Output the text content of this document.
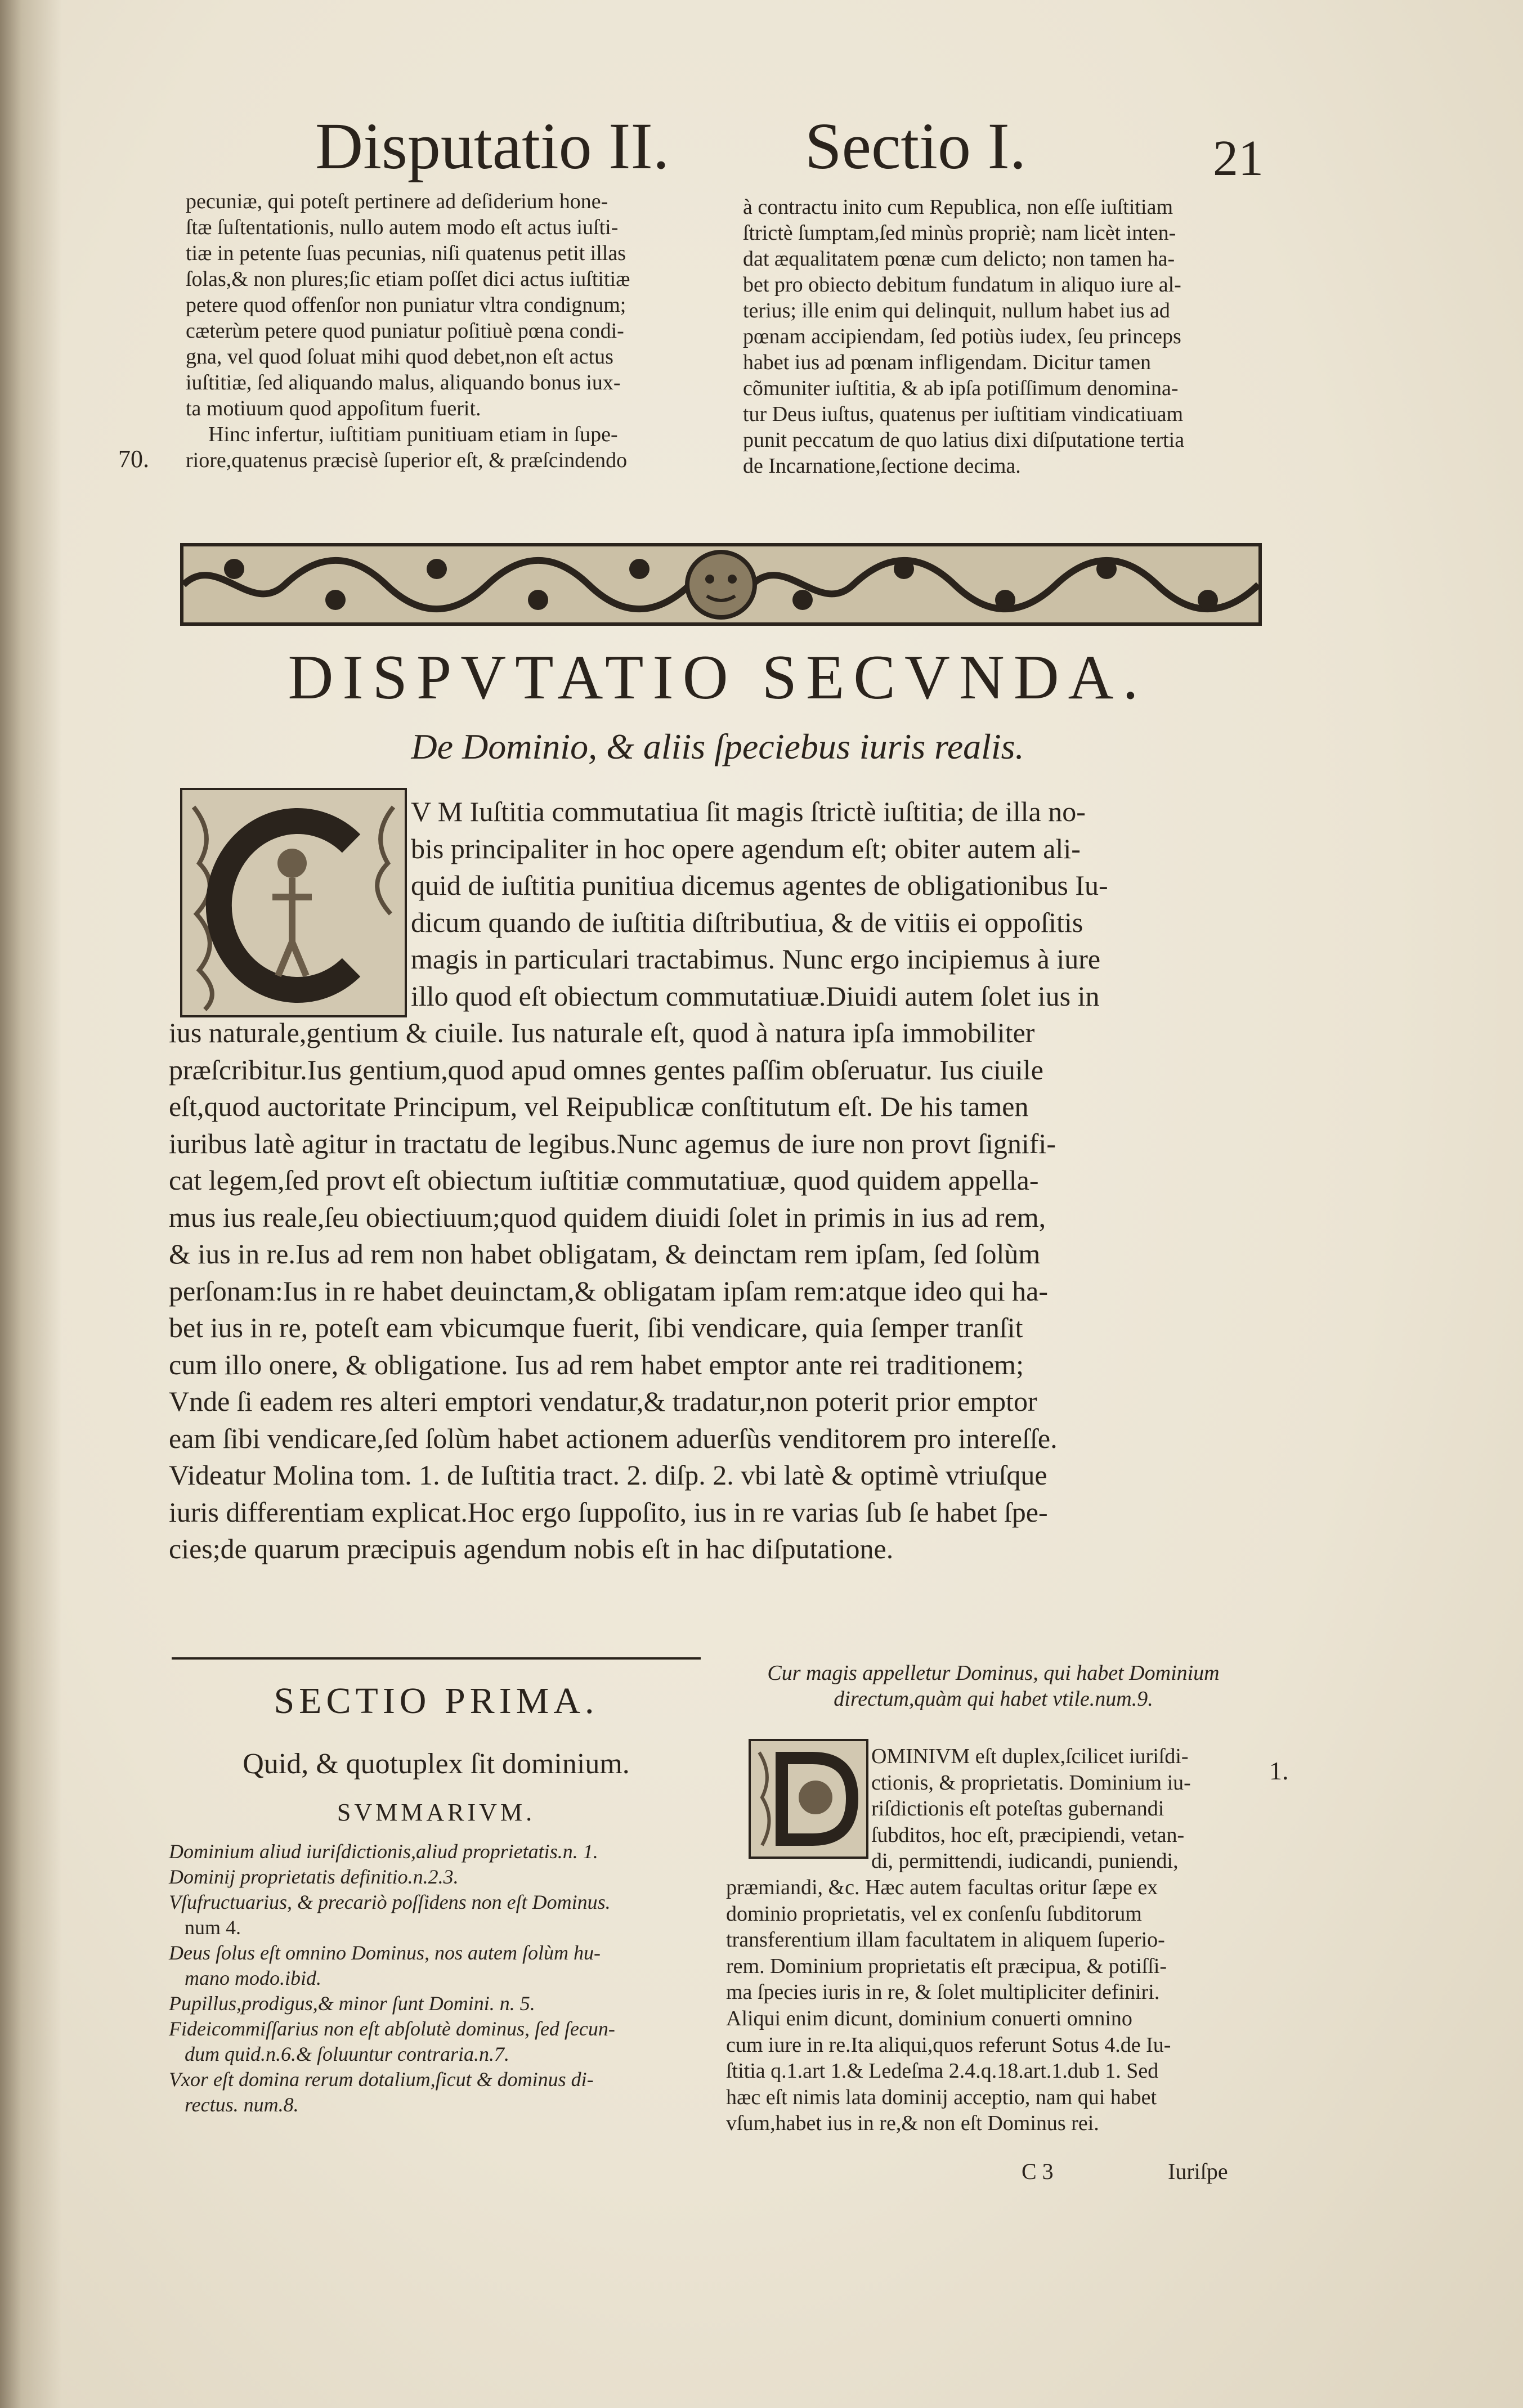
Disputatio II. Sectio I.	21

pecuniæ, qui poteſt pertinere ad deſiderium hone-

ſtæ ſuſtentationis, nullo autem modo eſt actus iuſti-

tiæ in petente ſuas pecunias, niſi quatenus petit illas

ſolas,& non plures;ſic etiam poſſet dici actus iuſtitiæ

petere quod offenſor non puniatur vltra condignum;

cæterùm petere quod puniatur poſitiuè pœna condi-

gna, vel quod ſoluat mihi quod debet,non eſt actus

iuſtitiæ, ſed aliquando malus, aliquando bonus iux-

ta motiuum quod appoſitum fuerit.

Hinc infertur, iuſtitiam punitiuam etiam in ſupe-

riore,quatenus præcisè ſuperior eſt, & præſcindendo

70.

à contractu inito cum Republica, non eſſe iuſtitiam

ſtrictè ſumptam,ſed minùs propriè; nam licèt inten-

dat æqualitatem pœnæ cum delicto; non tamen ha-

bet pro obiecto debitum fundatum in aliquo iure al-

terius; ille enim qui delinquit, nullum habet ius ad

pœnam accipiendam, ſed potiùs iudex, ſeu princeps

habet ius ad pœnam infligendam. Dicitur tamen

cõmuniter iuſtitia, & ab ipſa potiſſimum denomina-

tur Deus iuſtus, quatenus per iuſtitiam vindicatiuam

punit peccatum de quo latius dixi diſputatione tertia

de Incarnatione,ſectione decima.

DISPVTATIO SECVNDA.
De Dominio, & aliis ſpeciebus iuris realis.
V M Iuſtitia commutatiua ſit magis ſtrictè iuſtitia; de illa no-
bis principaliter in hoc opere agendum eſt; obiter autem ali-
quid de iuſtitia punitiua dicemus agentes de obligationibus Iu-
dicum quando de iuſtitia diſtributiua, & de vitiis ei oppoſitis
magis in particulari tractabimus. Nunc ergo incipiemus à iure
illo quod eſt obiectum commutatiuæ.Diuidi autem ſolet ius in
ius naturale,gentium & ciuile. Ius naturale eſt, quod à natura ipſa immobiliter
præſcribitur.Ius gentium,quod apud omnes gentes paſſim obſeruatur. Ius ciuile
eſt,quod auctoritate Principum, vel Reipublicæ conſtitutum eſt. De his tamen
iuribus latè agitur in tractatu de legibus.Nunc agemus de iure non provt ſignifi-
cat legem,ſed provt eſt obiectum iuſtitiæ commutatiuæ, quod quidem appella-
mus ius reale,ſeu obiectiuum;quod quidem diuidi ſolet in primis in ius ad rem,
& ius in re.Ius ad rem non habet obligatam, & deinctam rem ipſam, ſed ſolùm
perſonam:Ius in re habet deuinctam,& obligatam ipſam rem:atque ideo qui ha-
bet ius in re, poteſt eam vbicumque fuerit, ſibi vendicare, quia ſemper tranſit
cum illo onere, & obligatione. Ius ad rem habet emptor ante rei traditionem;
Vnde ſi eadem res alteri emptori vendatur,& tradatur,non poterit prior emptor
eam ſibi vendicare,ſed ſolùm habet actionem aduerſùs venditorem pro intereſſe.
Videatur Molina tom. 1. de Iuſtitia tract. 2. diſp. 2. vbi latè & optimè vtriuſque
iuris differentiam explicat.Hoc ergo ſuppoſito, ius in re varias ſub ſe habet ſpe-
cies;de quarum præcipuis agendum nobis eſt in hac diſputatione.
SECTIO PRIMA.
Quid, & quotuplex ſit dominium.
SVMMARIVM.
Dominium aliud iuriſdictionis,aliud proprietatis.n. 1.
Dominij proprietatis definitio.n.2.3.
Vſufructuarius, & precariò poſſidens non eſt Dominus.
num 4.
Deus ſolus eſt omnino Dominus, nos autem ſolùm hu-
mano modo.ibid.
Pupillus,prodigus,& minor ſunt Domini. n. 5.
Fideicommiſſarius non eſt abſolutè dominus, ſed ſecun-
dum quid.n.6.& ſoluuntur contraria.n.7.
Vxor eſt domina rerum dotalium,ſicut & dominus di-
rectus. num.8.
Cur magis appelletur Dominus, qui habet Dominium
directum,quàm qui habet vtile.num.9.
OMINIVM eſt duplex,ſcilicet iuriſdi-
ctionis, & proprietatis. Dominium iu-
riſdictionis eſt poteſtas gubernandi
ſubditos, hoc eſt, præcipiendi, vetan-
di, permittendi, iudicandi, puniendi,
1.
præmiandi, &c. Hæc autem facultas oritur ſæpe ex
dominio proprietatis, vel ex conſenſu ſubditorum
transferentium illam facultatem in aliquem ſuperio-
rem. Dominium proprietatis eſt præcipua, & potiſſi-
ma ſpecies iuris in re, & ſolet multipliciter definiri.
Aliqui enim dicunt, dominium conuerti omnino
cum iure in re.Ita aliqui,quos referunt Sotus 4.de Iu-
ſtitia q.1.art 1.& Ledeſma 2.4.q.18.art.1.dub 1. Sed
hæc eſt nimis lata dominij acceptio, nam qui habet
vſum,habet ius in re,& non eſt Dominus rei.
C 3	Iuriſpe
